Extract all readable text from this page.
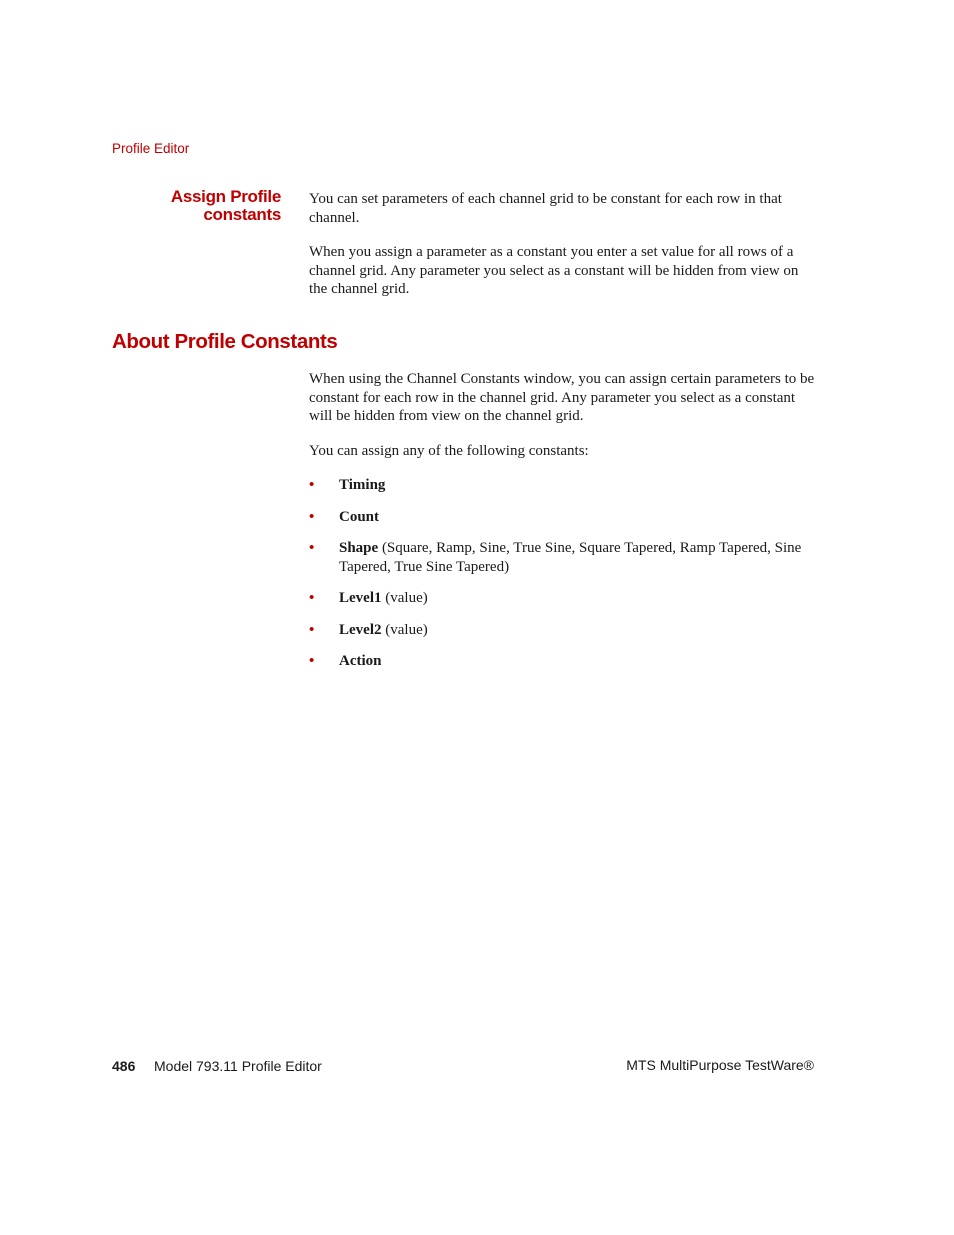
Profile Editor
Assign Profile
constants

You can set parameters of each channel grid to be constant for each row in that channel.

When you assign a parameter as a constant you enter a set value for all rows of a channel grid. Any parameter you select as a constant will be hidden from view on the channel grid.

About Profile Constants

When using the Channel Constants window, you can assign certain parameters to be constant for each row in the channel grid. Any parameter you select as a constant will be hidden from view on the channel grid.

You can assign any of the following constants:

• Timing
• Count
• Shape (Square, Ramp, Sine, True Sine, Square Tapered, Ramp Tapered, Sine Tapered, True Sine Tapered)
• Level1 (value)
• Level2 (value)
• Action
486 Model 793.11 Profile Editor	MTS MultiPurpose TestWare®
